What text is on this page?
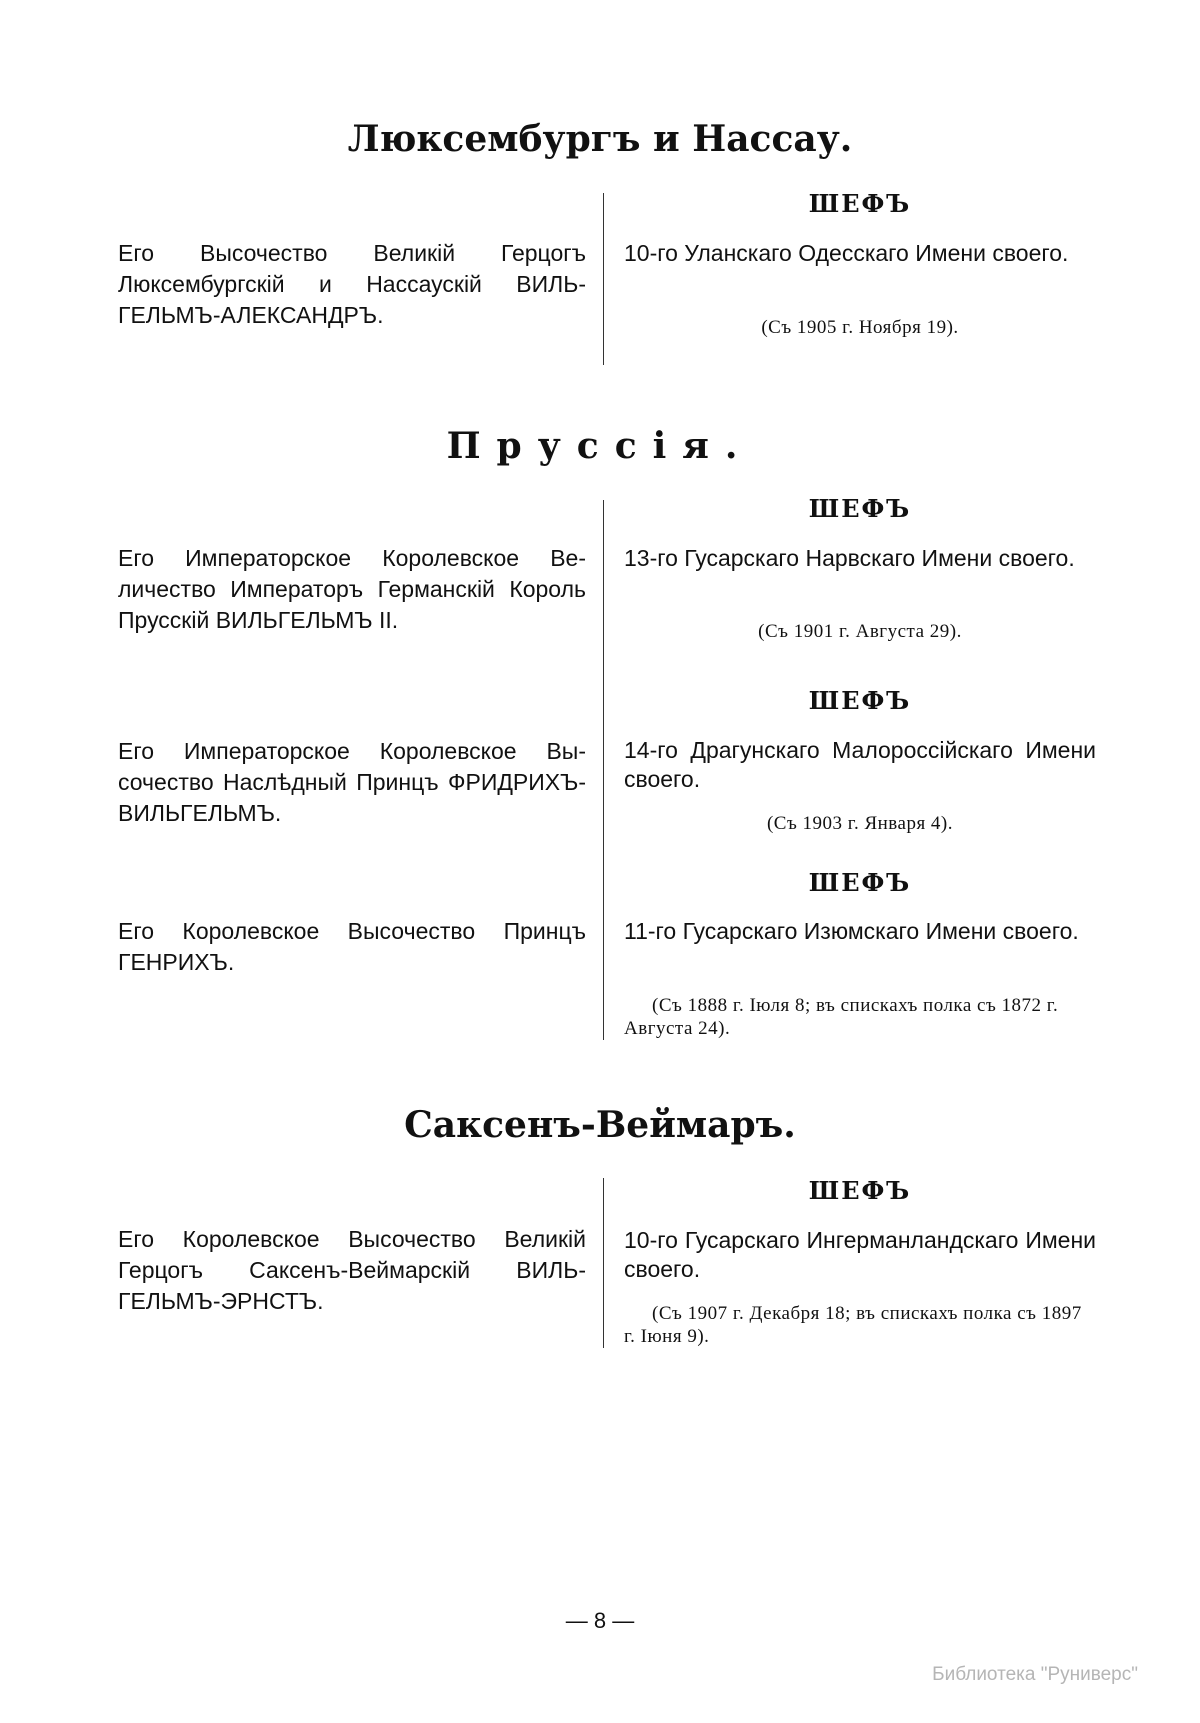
Люксембургъ и Нассау.
ШЕФЪ
Его Высочество Великій Герцогъ Люксембургскій и Нассаускій ВИЛЬГЕЛЬМЪ-АЛЕКСАНДРЪ.
10-го Уланскаго Одесскаго Имени своего.
(Съ 1905 г. Ноября 19).
Пруссія.
ШЕФЪ
Его Императорское Королевское Величество Императоръ Германскій Король Прусскій ВИЛЬГЕЛЬМЪ II.
13-го Гусарскаго Нарвскаго Имени своего.
(Съ 1901 г. Августа 29).
ШЕФЪ
Его Императорское Королевское Высочество Наслѣдный Принцъ ФРИДРИХЪ-ВИЛЬГЕЛЬМЪ.
14-го Драгунскаго Малороссійскаго Имени своего.
(Съ 1903 г. Января 4).
ШЕФЪ
Его Королевское Высочество Принцъ ГЕНРИХЪ.
11-го Гусарскаго Изюмскаго Имени своего.
(Съ 1888 г. Іюля 8; въ спискахъ полка съ 1872 г. Августа 24).
Саксенъ-Веймаръ.
ШЕФЪ
Его Королевское Высочество Великій Герцогъ Саксенъ-Веймарскій ВИЛЬГЕЛЬМЪ-ЭРНСТЪ.
10-го Гусарскаго Ингерманландскаго Имени своего.
(Съ 1907 г. Декабря 18; въ спискахъ полка съ 1897 г. Іюня 9).
— 8 —
Библиотека "Руниверс"
